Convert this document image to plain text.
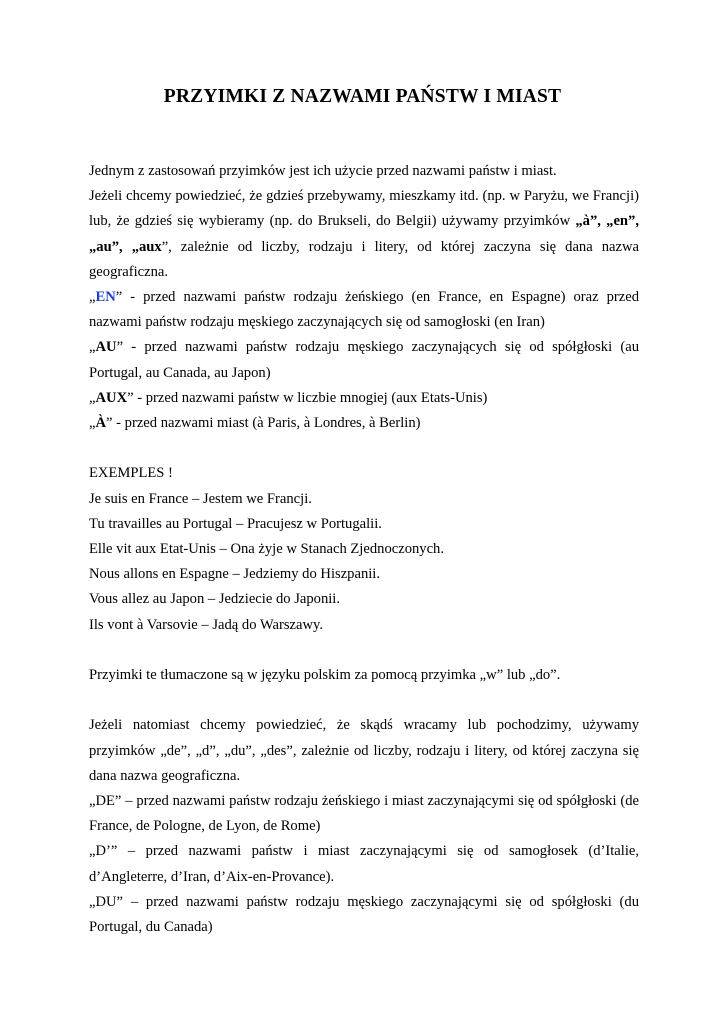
PRZYIMKI Z NAZWAMI PAŃSTW I MIAST

Jednym z zastosowań przyimków jest ich użycie przed nazwami państw i miast.

Jeżeli chcemy powiedzieć, że gdzieś przebywamy, mieszkamy itd. (np. w Paryżu, we Francji) lub, że gdzieś się wybieramy (np. do Brukseli, do Belgii) używamy przyimków „à”, „en”, „au”, „aux”, zależnie od liczby, rodzaju i litery, od której zaczyna się dana nazwa geograficzna.

„EN” - przed nazwami państw rodzaju żeńskiego (en France, en Espagne) oraz przed nazwami państw rodzaju męskiego zaczynających się od samogłoski (en Iran)

„AU” - przed nazwami państw rodzaju męskiego zaczynających się od spółgłoski (au Portugal, au Canada, au Japon)

„AUX” - przed nazwami państw w liczbie mnogiej (aux Etats-Unis)

„À” - przed nazwami miast (à Paris, à Londres, à Berlin)

EXEMPLES !

Je suis en France – Jestem we Francji.

Tu travailles au Portugal – Pracujesz w Portugalii.

Elle vit aux Etat-Unis – Ona żyje w Stanach Zjednoczonych.

Nous allons en Espagne – Jedziemy do Hiszpanii.

Vous allez au Japon – Jedziecie do Japonii.

Ils vont à Varsovie – Jadą do Warszawy.

Przyimki te tłumaczone są w języku polskim za pomocą przyimka „w” lub „do”.

Jeżeli natomiast chcemy powiedzieć, że skądś wracamy lub pochodzimy, używamy przyimków „de”, „d”, „du”, „des”, zależnie od liczby, rodzaju i litery, od której zaczyna się dana nazwa geograficzna.

„DE” – przed nazwami państw rodzaju żeńskiego i miast zaczynającymi się od spółgłoski (de France, de Pologne, de Lyon, de Rome)

„D’” – przed nazwami państw i miast zaczynającymi się od samogłosek (d’Italie, d’Angleterre, d’Iran, d’Aix-en-Provance).

„DU” – przed nazwami państw rodzaju męskiego zaczynającymi się od spółgłoski (du Portugal, du Canada)
